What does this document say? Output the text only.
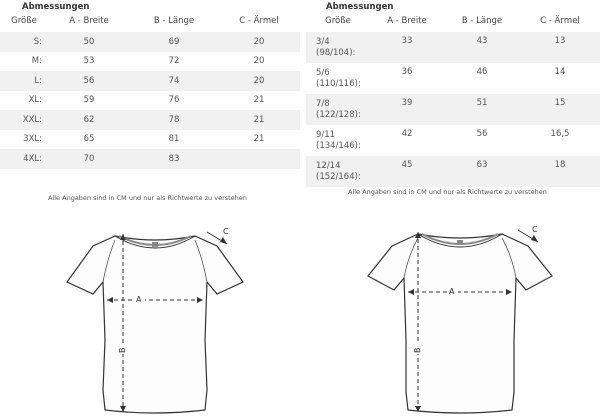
Abmessungen
Größe	A - Breite	B - Länge	C - Ärmel
S:	50	69	20
M:	53	72	20
L:	56	74	20
XL:	59	76	21
XXL:	62	78	21
3XL:	65	81	21
4XL:	70	83	
Alle Angaben sind in CM und nur als Richtwerte zu verstehen
Abmessungen
Größe	A - Breite	B - Länge	C - Ärmel
3/4 (98/104):	33	43	13
5/6 (110/116):	36	46	14
7/8 (122/128):	39	51	15
9/11 (134/146):	42	56	16,5
12/14 (152/164):	45	63	18
Alle Angaben sind in CM und nur als Richtwerte zu verstehen
A
B
C
A
B
C
